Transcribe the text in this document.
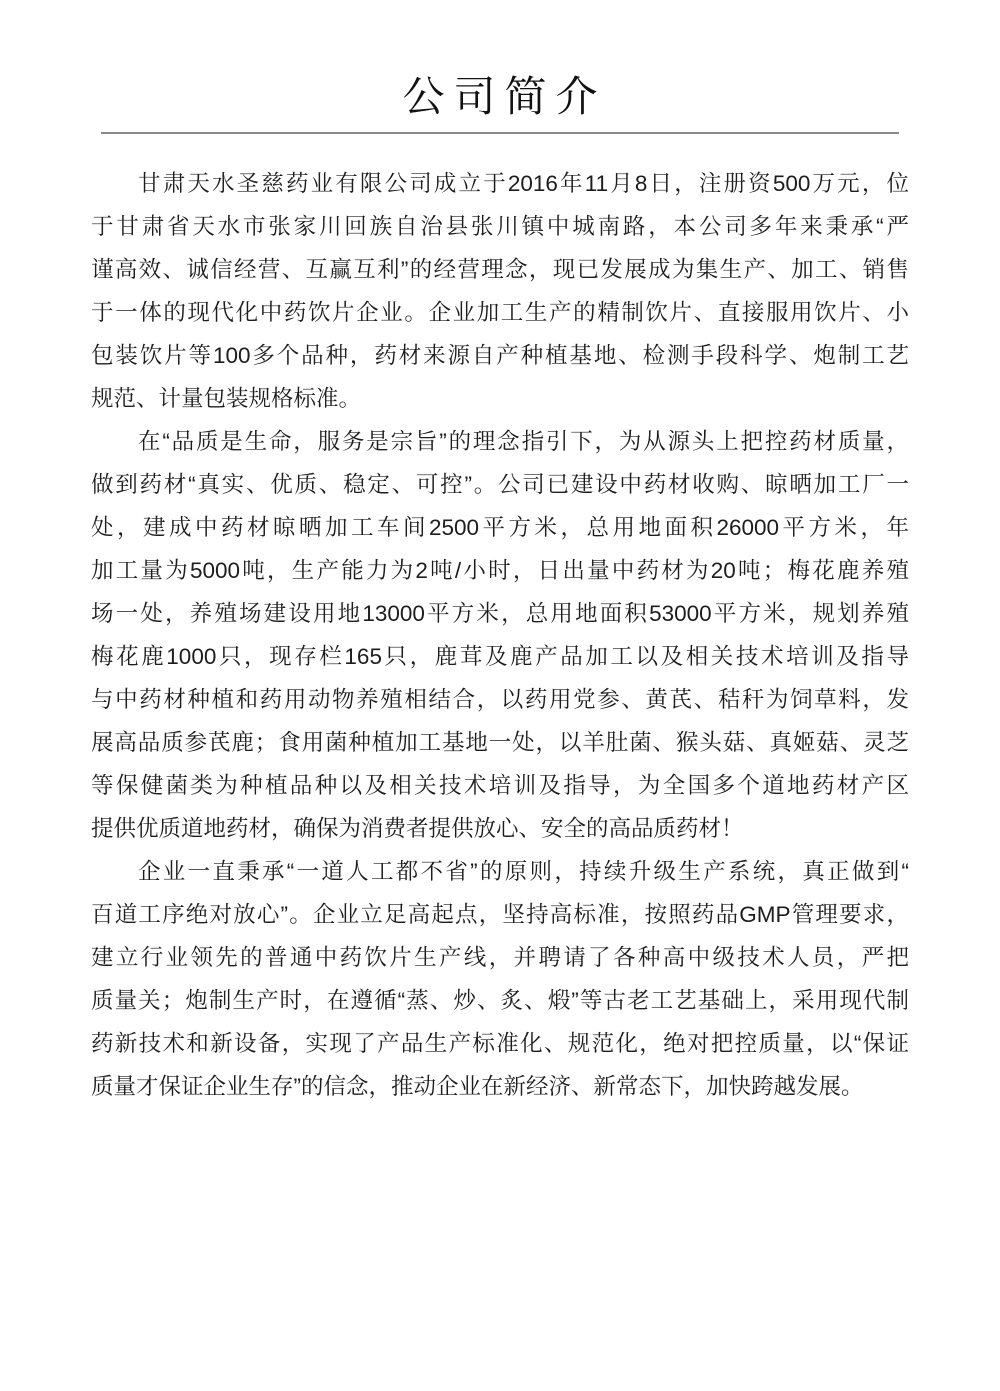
公司简介

甘肃天水圣慈药业有限公司成立于2016年11月8日，注册资500万元，位
于甘肃省天水市张家川回族自治县张川镇中城南路，本公司多年来秉承“严
谨高效、诚信经营、互赢互利”的经营理念，现已发展成为集生产、加工、销售
于一体的现代化中药饮片企业。企业加工生产的精制饮片、直接服用饮片、小
包装饮片等100多个品种，药材来源自产种植基地、检测手段科学、炮制工艺
规范、计量包装规格标准。

在“品质是生命，服务是宗旨”的理念指引下，为从源头上把控药材质量，
做到药材“真实、优质、稳定、可控”。公司已建设中药材收购、晾晒加工厂一
处，建成中药材晾晒加工车间2500平方米，总用地面积26000平方米，年
加工量为5000吨，生产能力为2吨/小时，日出量中药材为20吨；梅花鹿养殖
场一处，养殖场建设用地13000平方米，总用地面积53000平方米，规划养殖
梅花鹿1000只，现存栏165只，鹿茸及鹿产品加工以及相关技术培训及指导
与中药材种植和药用动物养殖相结合，以药用党参、黄芪、秸秆为饲草料，发
展高品质参芪鹿；食用菌种植加工基地一处，以羊肚菌、猴头菇、真姬菇、灵芝
等保健菌类为种植品种以及相关技术培训及指导，为全国多个道地药材产区
提供优质道地药材，确保为消费者提供放心、安全的高品质药材！

企业一直秉承“一道人工都不省”的原则，持续升级生产系统，真正做到“
百道工序绝对放心”。企业立足高起点，坚持高标准，按照药品GMP管理要求，
建立行业领先的普通中药饮片生产线，并聘请了各种高中级技术人员，严把
质量关；炮制生产时，在遵循“蒸、炒、炙、煅”等古老工艺基础上，采用现代制
药新技术和新设备，实现了产品生产标准化、规范化，绝对把控质量，以“保证
质量才保证企业生存”的信念，推动企业在新经济、新常态下，加快跨越发展。
